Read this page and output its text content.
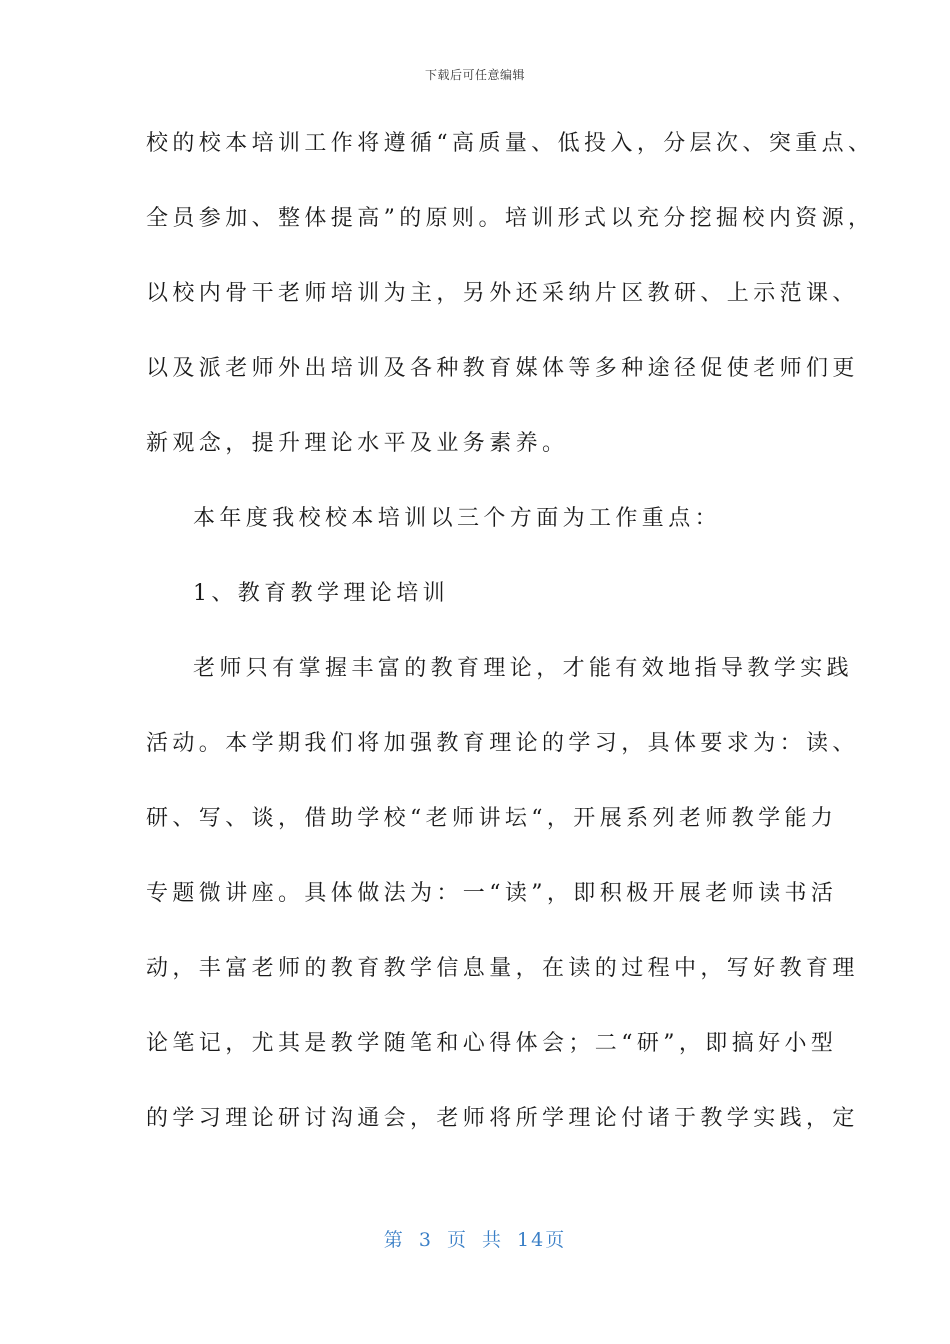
下载后可任意编辑
校的校本培训工作将遵循“高质量、低投入，分层次、突重点、
全员参加、整体提高”的原则。培训形式以充分挖掘校内资源，
以校内骨干老师培训为主，另外还采纳片区教研、上示范课、
以及派老师外出培训及各种教育媒体等多种途径促使老师们更
新观念，提升理论水平及业务素养。
本年度我校校本培训以三个方面为工作重点：
1、教育教学理论培训
老师只有掌握丰富的教育理论，才能有效地指导教学实践
活动。本学期我们将加强教育理论的学习，具体要求为：读、
研、写、谈，借助学校“老师讲坛“，开展系列老师教学能力
专题微讲座。具体做法为：一“读”，即积极开展老师读书活
动，丰富老师的教育教学信息量，在读的过程中，写好教育理
论笔记，尤其是教学随笔和心得体会；二“研”，即搞好小型
的学习理论研讨沟通会，老师将所学理论付诸于教学实践，定
第 3 页 共 14页
